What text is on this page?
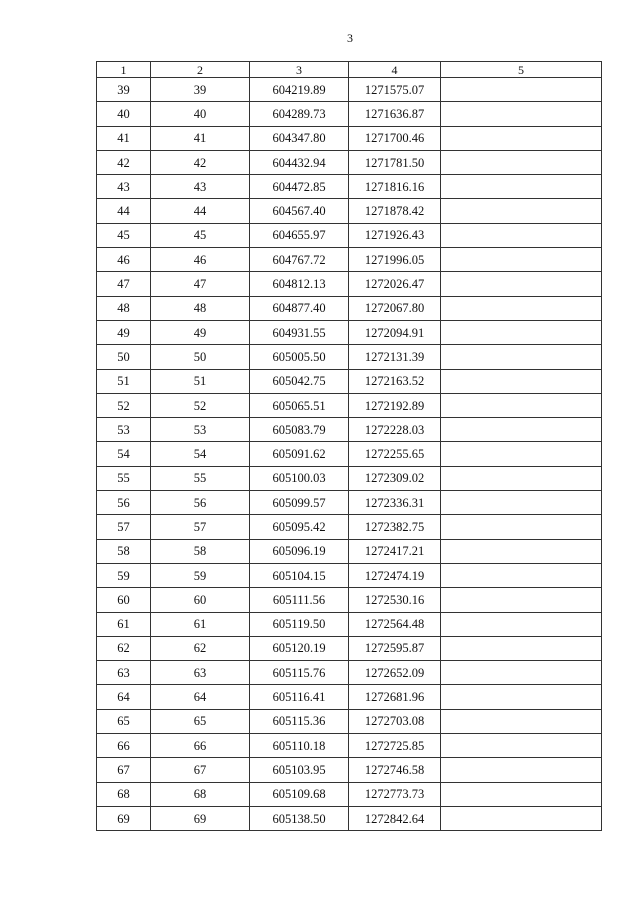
3
1	2	3	4	5
39	39	604219.89	1271575.07	
40	40	604289.73	1271636.87	
41	41	604347.80	1271700.46	
42	42	604432.94	1271781.50	
43	43	604472.85	1271816.16	
44	44	604567.40	1271878.42	
45	45	604655.97	1271926.43	
46	46	604767.72	1271996.05	
47	47	604812.13	1272026.47	
48	48	604877.40	1272067.80	
49	49	604931.55	1272094.91	
50	50	605005.50	1272131.39	
51	51	605042.75	1272163.52	
52	52	605065.51	1272192.89	
53	53	605083.79	1272228.03	
54	54	605091.62	1272255.65	
55	55	605100.03	1272309.02	
56	56	605099.57	1272336.31	
57	57	605095.42	1272382.75	
58	58	605096.19	1272417.21	
59	59	605104.15	1272474.19	
60	60	605111.56	1272530.16	
61	61	605119.50	1272564.48	
62	62	605120.19	1272595.87	
63	63	605115.76	1272652.09	
64	64	605116.41	1272681.96	
65	65	605115.36	1272703.08	
66	66	605110.18	1272725.85	
67	67	605103.95	1272746.58	
68	68	605109.68	1272773.73	
69	69	605138.50	1272842.64	
